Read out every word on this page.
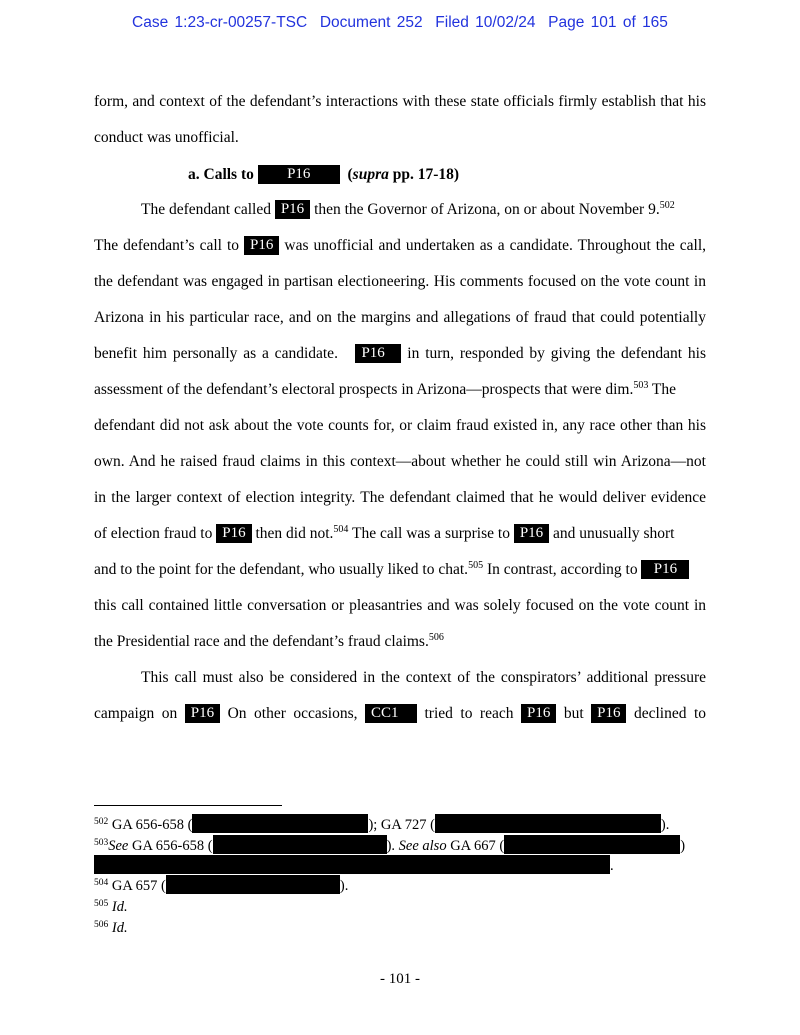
Case 1:23-cr-00257-TSC Document 252 Filed 10/02/24 Page 101 of 165
form, and context of the defendant’s interactions with these state officials firmly establish that his
conduct was unofficial.
a. Calls to P16 (supra pp. 17-18)
The defendant called P16 then the Governor of Arizona, on or about November 9.$^{502}$
The defendant’s call to P16 was unofficial and undertaken as a candidate. Throughout the call,
the defendant was engaged in partisan electioneering. His comments focused on the vote count in
Arizona in his particular race, and on the margins and allegations of fraud that could potentially
benefit him personally as a candidate. P16 in turn, responded by giving the defendant his
assessment of the defendant’s electoral prospects in Arizona—prospects that were dim.$^{503}$ The
defendant did not ask about the vote counts for, or claim fraud existed in, any race other than his
own. And he raised fraud claims in this context—about whether he could still win Arizona—not
in the larger context of election integrity. The defendant claimed that he would deliver evidence
of election fraud to P16 then did not.$^{504}$ The call was a surprise to P16 and unusually short
and to the point for the defendant, who usually liked to chat.$^{505}$ In contrast, according to P16
this call contained little conversation or pleasantries and was solely focused on the vote count in
the Presidential race and the defendant’s fraud claims.$^{506}$
This call must also be considered in the context of the conspirators’ additional pressure
campaign on P16 On other occasions, CC1 tried to reach P16 but P16 declined to
$^{502}$ GA 656-658 (	); GA 727 (	).
$^{503}$See GA 656-658 (	). See also GA 667 (	)
.
$^{504}$ GA 657 (	).
$^{505}$ Id.
$^{506}$ Id.
- 101 -
